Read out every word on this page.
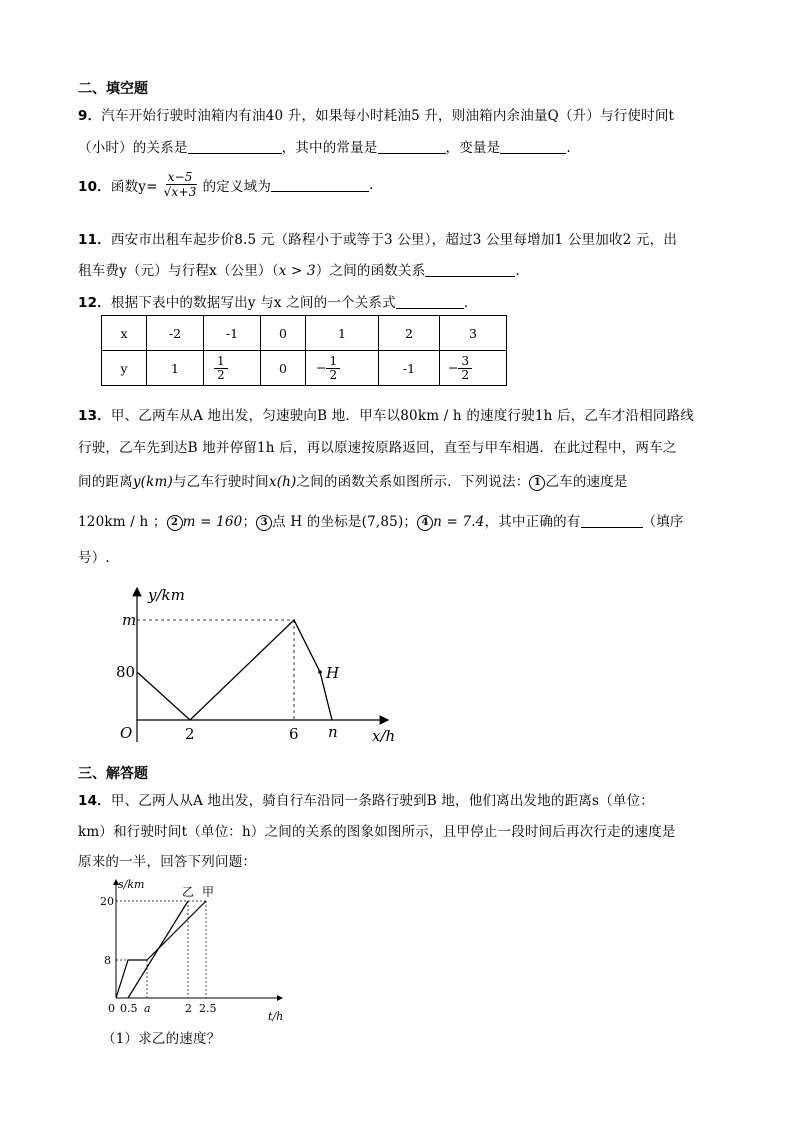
二、填空题
9．汽车开始行驶时油箱内有油40 升，如果每小时耗油5 升，则油箱内余油量Q（升）与行使时间t
（小时）的关系是	，其中的常量是	，变量是	.
10． 函数$y= \frac{x-5}{√x+3}$ 的定义域为	.
11．西安市出租车起步价8.5 元（路程小于或等于3 公里），超过3 公里每增加1 公里加收2 元，出
租车费y（元）与行程x（公里）（x > 3）之间的函数关系	.
12．根据下表中的数据写出y 与x 之间的一个关系式	．
x	-2	-1	0	1	2	3
y	1	$\frac{1}{2}$	0	− $\frac{1}{2}$	-1	− $\frac{3}{2}$
13．甲、乙两车从A 地出发，匀速驶向B 地．甲车以80km / h 的速度行驶1h 后，乙车才沿相同路线
行驶，乙车先到达B 地并停留1h 后，再以原速按原路返回，直至与甲车相遇．在此过程中，两车之
间的距离y(km)与乙车行驶时间x(h)之间的函数关系如图所示．下列说法： 1 乙车的速度是
120km / h ； 2 m = 160； 3 点 H 的坐标是(7,85)； 4 n = 7.4，其中正确的有	（填序
号）.
y/km
m
80
O	2	6 n
H
x/h
三、解答题
14．甲、乙两人从A 地出发，骑自行车沿同一条路行驶到B 地，他们离出发地的距离s（单位：
km）和行驶时间t（单位：h）之间的关系的图象如图所示，且甲停止一段时间后再次行走的速度是
原来的一半，回答下列问题：
s/km
20
8
0 0.5 a	2 2.5
t/h
乙 甲
（1）求乙的速度？
